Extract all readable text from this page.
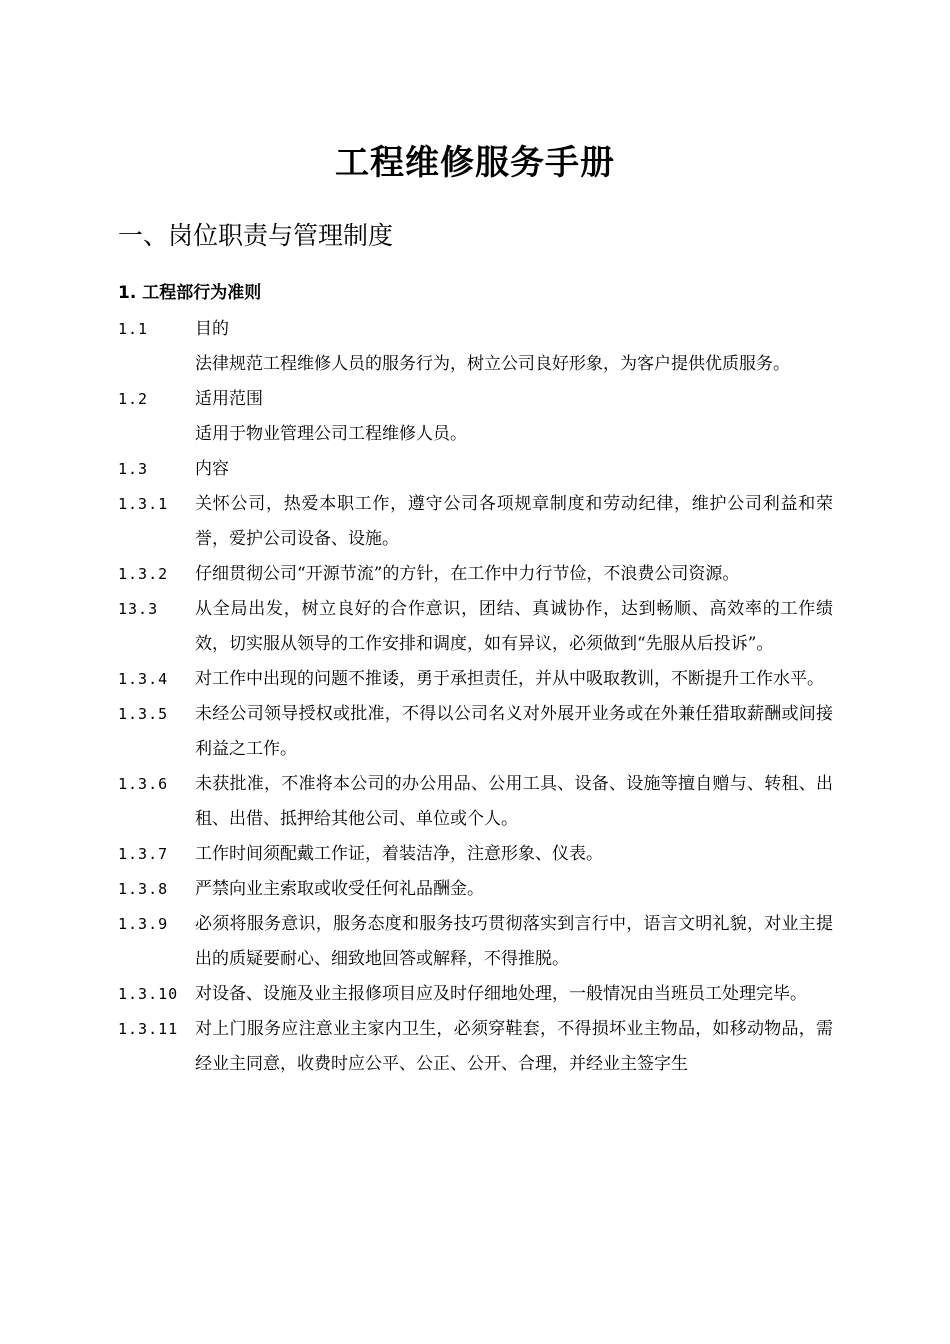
工程维修服务手册
一、岗位职责与管理制度
1. 工程部行为准则
1.1	目的
法律规范工程维修人员的服务行为，树立公司良好形象，为客户提供优质服务。
1.2	适用范围
适用于物业管理公司工程维修人员。
1.3	内容
1.3.1	关怀公司，热爱本职工作，遵守公司各项规章制度和劳动纪律，维护公司利益和荣誉，爱护公司设备、设施。
1.3.2	仔细贯彻公司“开源节流”的方针，在工作中力行节俭，不浪费公司资源。
13.3	从全局出发，树立良好的合作意识，团结、真诚协作，达到畅顺、高效率的工作绩效，切实服从领导的工作安排和调度，如有异议，必须做到“先服从后投诉”。
1.3.4	对工作中出现的问题不推诿，勇于承担责任，并从中吸取教训，不断提升工作水平。
1.3.5	未经公司领导授权或批准，不得以公司名义对外展开业务或在外兼任猎取薪酬或间接利益之工作。
1.3.6	未获批准，不准将本公司的办公用品、公用工具、设备、设施等擅自赠与、转租、出租、出借、抵押给其他公司、单位或个人。
1.3.7	工作时间须配戴工作证，着装洁净，注意形象、仪表。
1.3.8	严禁向业主索取或收受任何礼品酬金。
1.3.9	必须将服务意识，服务态度和服务技巧贯彻落实到言行中，语言文明礼貌，对业主提出的质疑要耐心、细致地回答或解释，不得推脱。
1.3.10 对设备、设施及业主报修项目应及时仔细地处理，一般情况由当班员工处理完毕。
1.3.11 对上门服务应注意业主家内卫生，必须穿鞋套，不得损坏业主物品，如移动物品，需经业主同意，收费时应公平、公正、公开、合理，并经业主签字生
